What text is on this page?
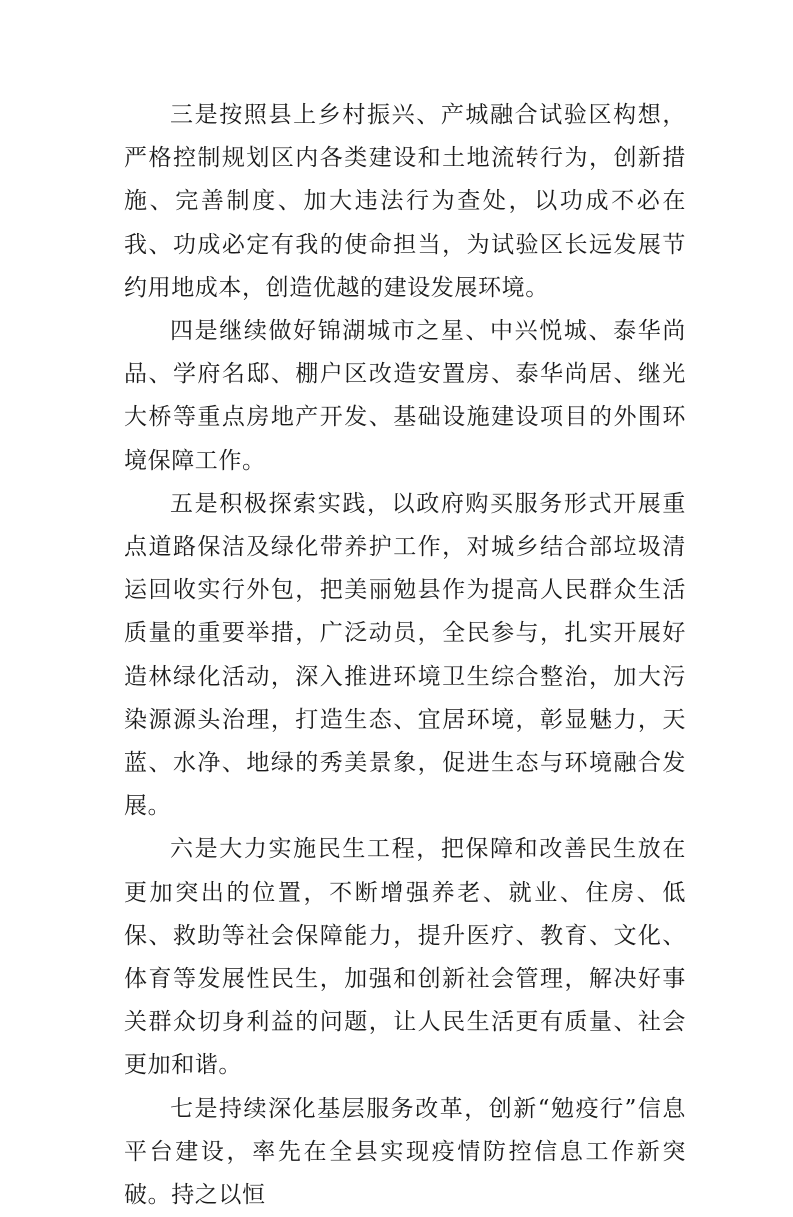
三是按照县上乡村振兴、产城融合试验区构想，严格控制规划区内各类建设和土地流转行为，创新措施、完善制度、加大违法行为查处，以功成不必在我、功成必定有我的使命担当，为试验区长远发展节约用地成本，创造优越的建设发展环境。

四是继续做好锦湖城市之星、中兴悦城、泰华尚品、学府名邸、棚户区改造安置房、泰华尚居、继光大桥等重点房地产开发、基础设施建设项目的外围环境保障工作。

五是积极探索实践，以政府购买服务形式开展重点道路保洁及绿化带养护工作，对城乡结合部垃圾清运回收实行外包，把美丽勉县作为提高人民群众生活质量的重要举措，广泛动员，全民参与，扎实开展好造林绿化活动，深入推进环境卫生综合整治，加大污染源源头治理，打造生态、宜居环境，彰显魅力，天蓝、水净、地绿的秀美景象，促进生态与环境融合发展。

六是大力实施民生工程，把保障和改善民生放在更加突出的位置，不断增强养老、就业、住房、低保、救助等社会保障能力，提升医疗、教育、文化、体育等发展性民生，加强和创新社会管理，解决好事关群众切身利益的问题，让人民生活更有质量、社会更加和谐。

七是持续深化基层服务改革，创新“勉疫行”信息平台建设，率先在全县实现疫情防控信息工作新突破。持之以恒
